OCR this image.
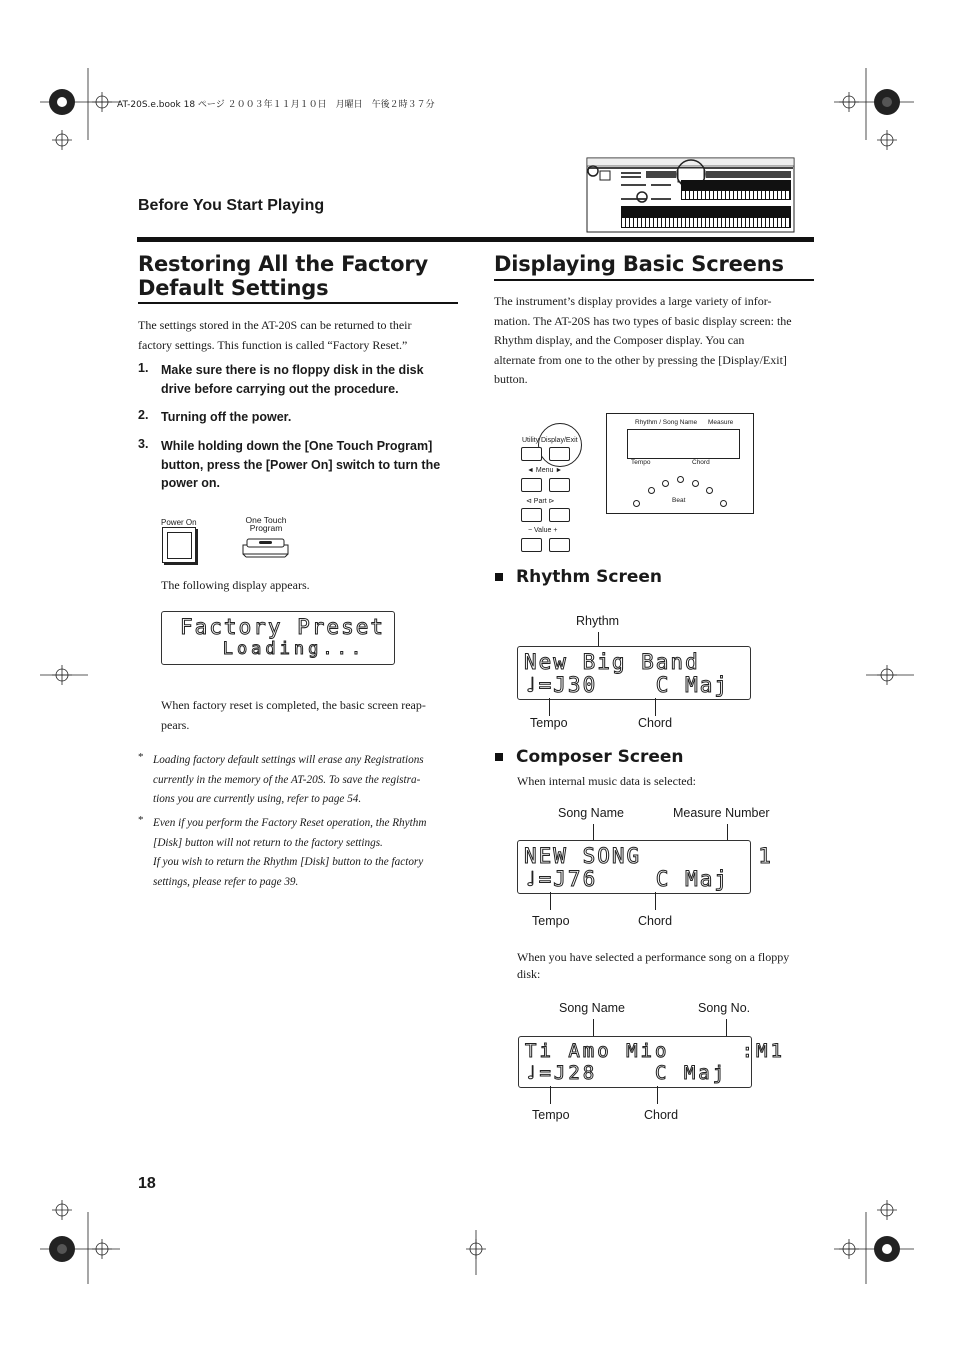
AT-20S.e.book 18 ページ ２００３年１１月１０日　月曜日　午後２時３７分
Before You Start Playing
Restoring All the Factory
Default Settings
The settings stored in the AT-20S can be returned to their
factory settings. This function is called “Factory Reset.”
1. Make sure there is no floppy disk in the disk
drive before carrying out the procedure.
2. Turning off the power.
3. While holding down the [One Touch Program]
button, press the [Power On] switch to turn the
power on.
Power On	One Touch
Program
The following display appears.
Factory Preset
Loading...
When factory reset is completed, the basic screen reap-
pears.
* Loading factory default settings will erase any Registrations
currently in the memory of the AT-20S. To save the registra-
tions you are currently using, refer to page 54.
* Even if you perform the Factory Reset operation, the Rhythm
[Disk] button will not return to the factory settings.
If you wish to return the Rhythm [Disk] button to the factory
settings, please refer to page 39.
18
Displaying Basic Screens
The instrument’s display provides a large variety of infor-
mation. The AT-20S has two types of basic display screen: the
Rhythm display, and the Composer display. You can
alternate from one to the other by pressing the [Display/Exit]
button.
Utility Display/Exit
◄ Menu ►
⊲ Part ⊳
− Value +
Rhythm / Song Name Measure
Tempo	Chord
Beat
Rhythm Screen
Rhythm
New Big Band
♩=J30    C Maj
Tempo	Chord
Composer Screen
When internal music data is selected:
Song Name	Measure Number
NEW SONG        1
♩=J76    C Maj
Tempo	Chord
When you have selected a performance song on a floppy
disk:
Song Name	Song No.
Ti Amo Mio     :M1
♩=J28    C Maj
Tempo	Chord
